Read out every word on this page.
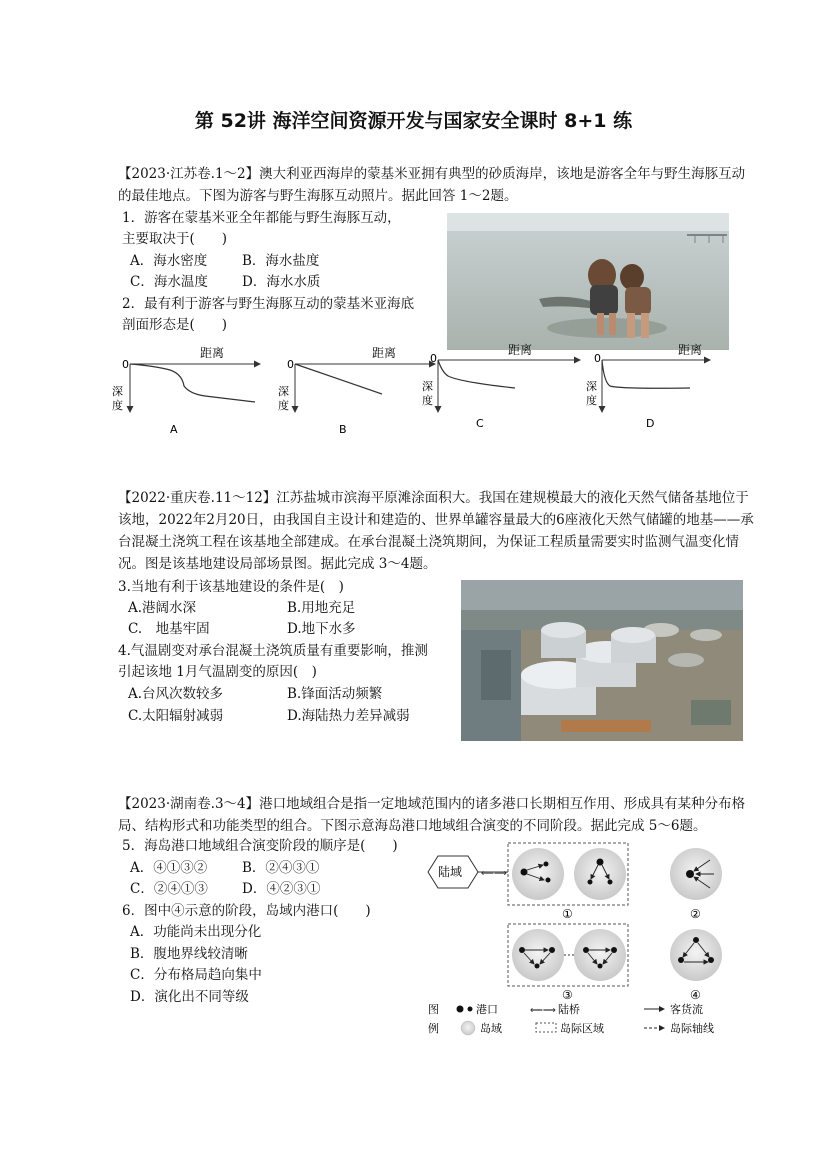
第 52讲 海洋空间资源开发与国家安全课时 8+1 练
【2023·江苏卷.1～2】澳大利亚西海岸的蒙基米亚拥有典型的砂质海岸，该地是游客全年与野生海豚互动的最佳地点。下图为游客与野生海豚互动照片。据此回答 1～2题。
1．游客在蒙基米亚全年都能与野生海豚互动，
主要取决于(　　)
A．海水密度	B．海水盐度
C．海水温度	D．海水水质
2．最有利于游客与野生海豚互动的蒙基米亚海底
剖面形态是(　　)
0
距离
深
度
A
0
距离
深
度
B
0
距离
深
度
C
0
距离
深
度
D
【2022·重庆卷.11～12】江苏盐城市滨海平原滩涂面积大。我国在建规模最大的液化天然气储备基地位于该地，2022年2月20日，由我国自主设计和建造的、世界单罐容量最大的6座液化天然气储罐的地基——承台混凝土浇筑工程在该基地全部建成。在承台混凝土浇筑期间，为保证工程质量需要实时监测气温变化情况。图是该基地建设局部场景图。据此完成 3～4题。
3.当地有利于该基地建设的条件是(　)
A.港阔水深	B.用地充足
C.　地基牢固	D.地下水多
4.气温剧变对承台混凝土浇筑质量有重要影响，推测
引起该地 1月气温剧变的原因(　)
A.台风次数较多	B.锋面活动频繁
C.太阳辐射减弱	D.海陆热力差异减弱
【2023·湖南卷.3～4】港口地域组合是指一定地域范围内的诸多港口长期相互作用、形成具有某种分布格局、结构形式和功能类型的组合。下图示意海岛港口地域组合演变的不同阶段。据此完成 5～6题。
5．海岛港口地域组合演变阶段的顺序是(　　)
A．④①③②	B．②④③①
C．②④①③	D．④②③①
6．图中④示意的阶段，岛域内港口(　　)
A．功能尚未出现分化
B．腹地界线较清晰
C．分布格局趋向集中
D．演化出不同等级
陆域 ⟸⟹
①	②
③	④
图
例
港口	⟸⟹ 陆桥	客货流
岛域	岛际区域	岛际轴线
